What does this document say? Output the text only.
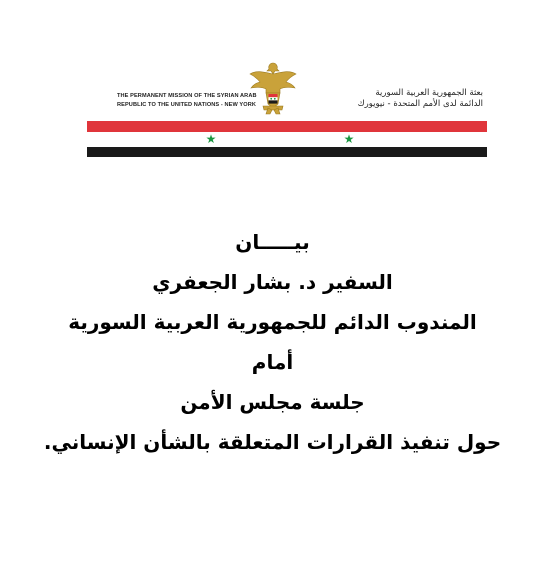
THE PERMANENT MISSION OF THE SYRIAN ARAB
REPUBLIC TO THE UNITED NATIONS - NEW YORK
بعثة الجمهورية العربية السورية
الدائمة لدى الأمم المتحدة - نيويورك
★	★
بيـــــان
السفير د. بشار الجعفري
المندوب الدائم للجمهورية العربية السورية
أمام
جلسة مجلس الأمن
حول تنفيذ القرارات المتعلقة بالشأن الإنساني.
